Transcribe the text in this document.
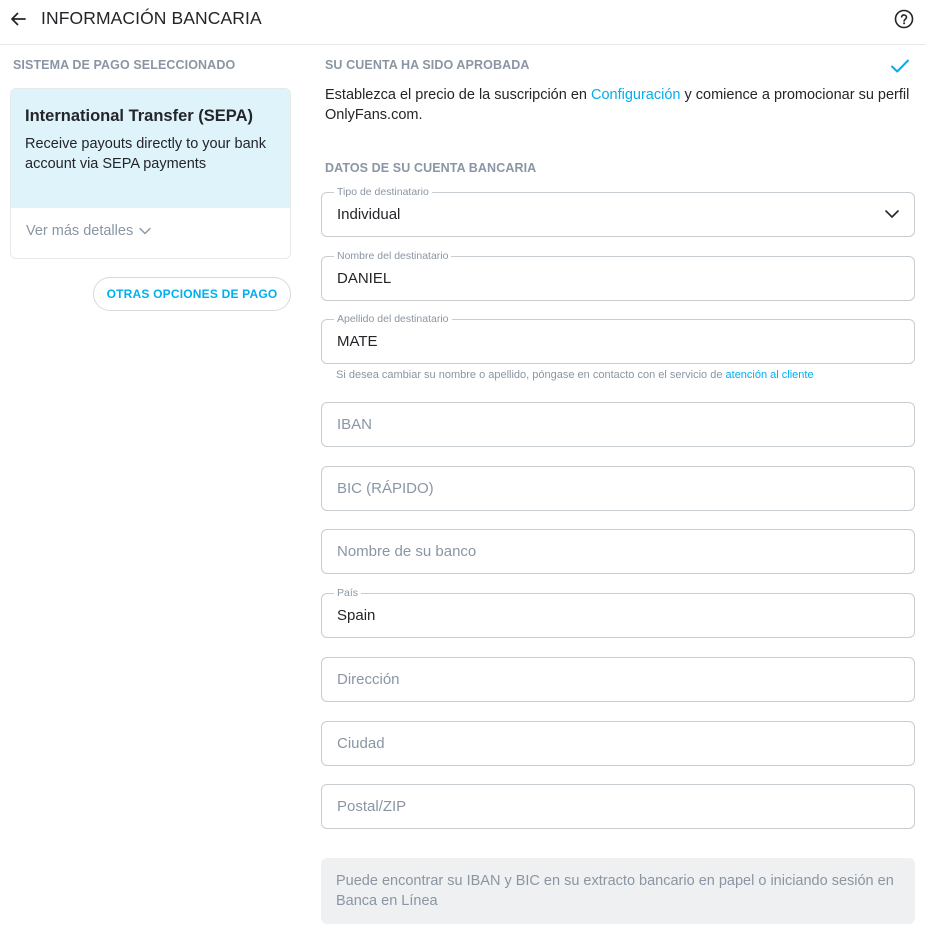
INFORMACIÓN BANCARIA
SISTEMA DE PAGO SELECCIONADO
International Transfer (SEPA)
Receive payouts directly to your bank account via SEPA payments
Ver más detalles
OTRAS OPCIONES DE PAGO
SU CUENTA HA SIDO APROBADA
Establezca el precio de la suscripción en Configuración y comience a promocionar su perfil OnlyFans.com.
DATOS DE SU CUENTA BANCARIA
Tipo de destinatario
Individual
Nombre del destinatario
DANIEL
Apellido del destinatario
MATE
Si desea cambiar su nombre o apellido, póngase en contacto con el servicio de atención al cliente
IBAN
BIC (RÁPIDO)
Nombre de su banco
País
Spain
Dirección
Ciudad
Postal/ZIP
Puede encontrar su IBAN y BIC en su extracto bancario en papel o iniciando sesión en Banca en Línea
